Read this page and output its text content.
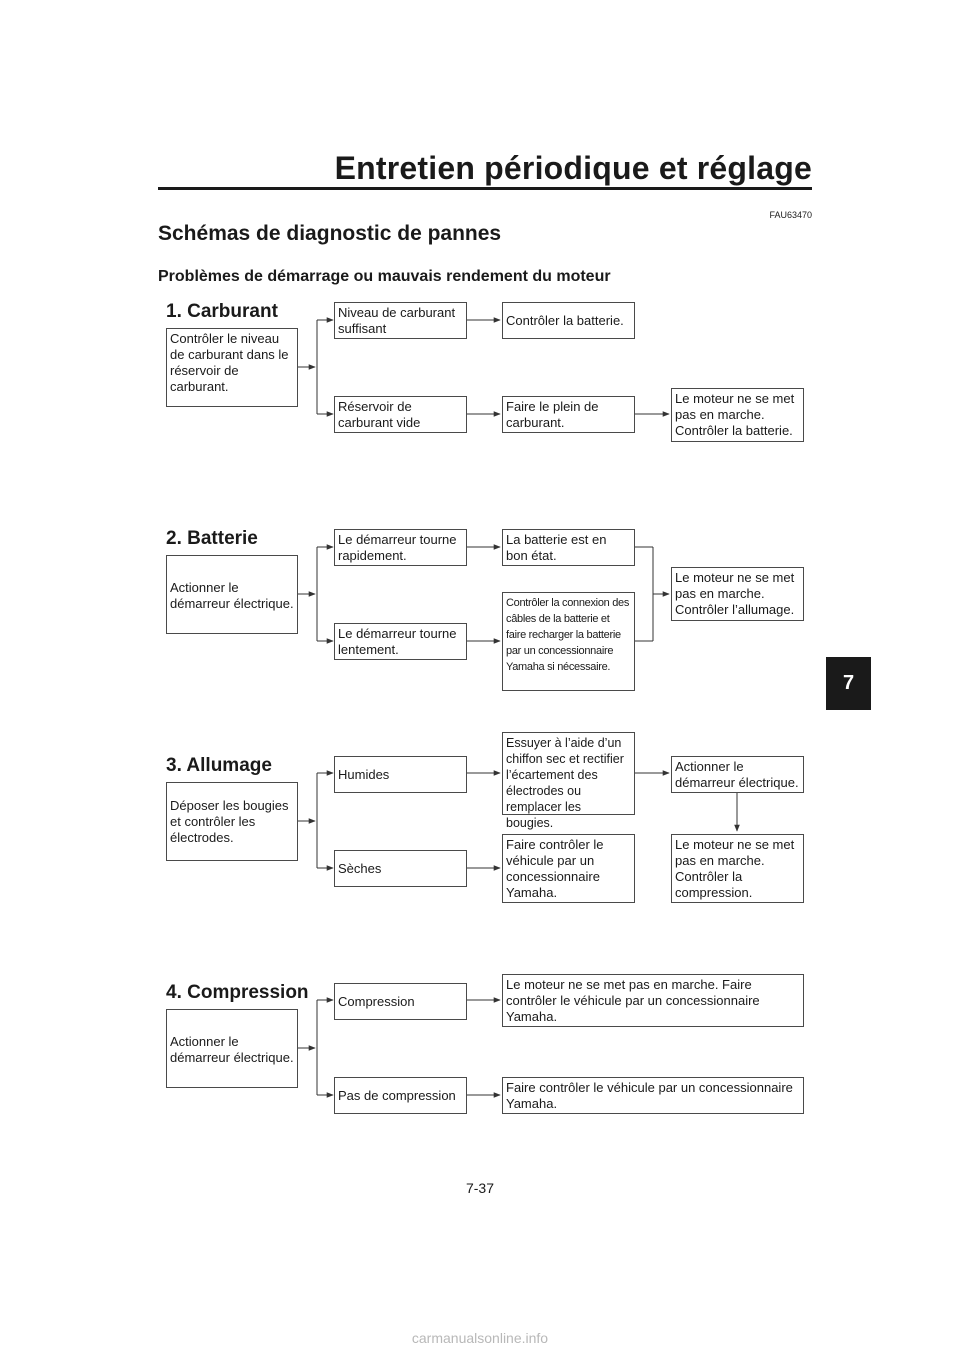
Entretien périodique et réglage
FAU63470
Schémas de diagnostic de pannes
Problèmes de démarrage ou mauvais rendement du moteur
7
1. Carburant
Contrôler le niveau de carburant dans le réservoir de carburant.
Niveau de carburant suffisant
Contrôler la batterie.
Réservoir de carburant vide
Faire le plein de carburant.
Le moteur ne se met pas en marche. Contrôler la batterie.
2. Batterie
Actionner le démarreur électrique.
Le démarreur tourne rapidement.
La batterie est en bon état.
Le démarreur tourne lentement.
Contrôler la connexion des câbles de la batterie et faire recharger la batterie par un concessionnaire Yamaha si nécessaire.
Le moteur ne se met pas en marche. Contrôler l’allumage.
3. Allumage
Déposer les bougies et contrôler les électrodes.
Humides
Essuyer à l’aide d’un chiffon sec et rectifier l’écartement des électrodes ou remplacer les bougies.
Actionner le démarreur électrique.
Le moteur ne se met pas en marche. Contrôler la compression.
Sèches
Faire contrôler le véhicule par un concessionnaire Yamaha.
4. Compression
Actionner le démarreur électrique.
Compression
Le moteur ne se met pas en marche. Faire contrôler le véhicule par un concessionnaire Yamaha.
Pas de compression
Faire contrôler le véhicule par un concessionnaire Yamaha.
7-37
carmanualsonline.info
